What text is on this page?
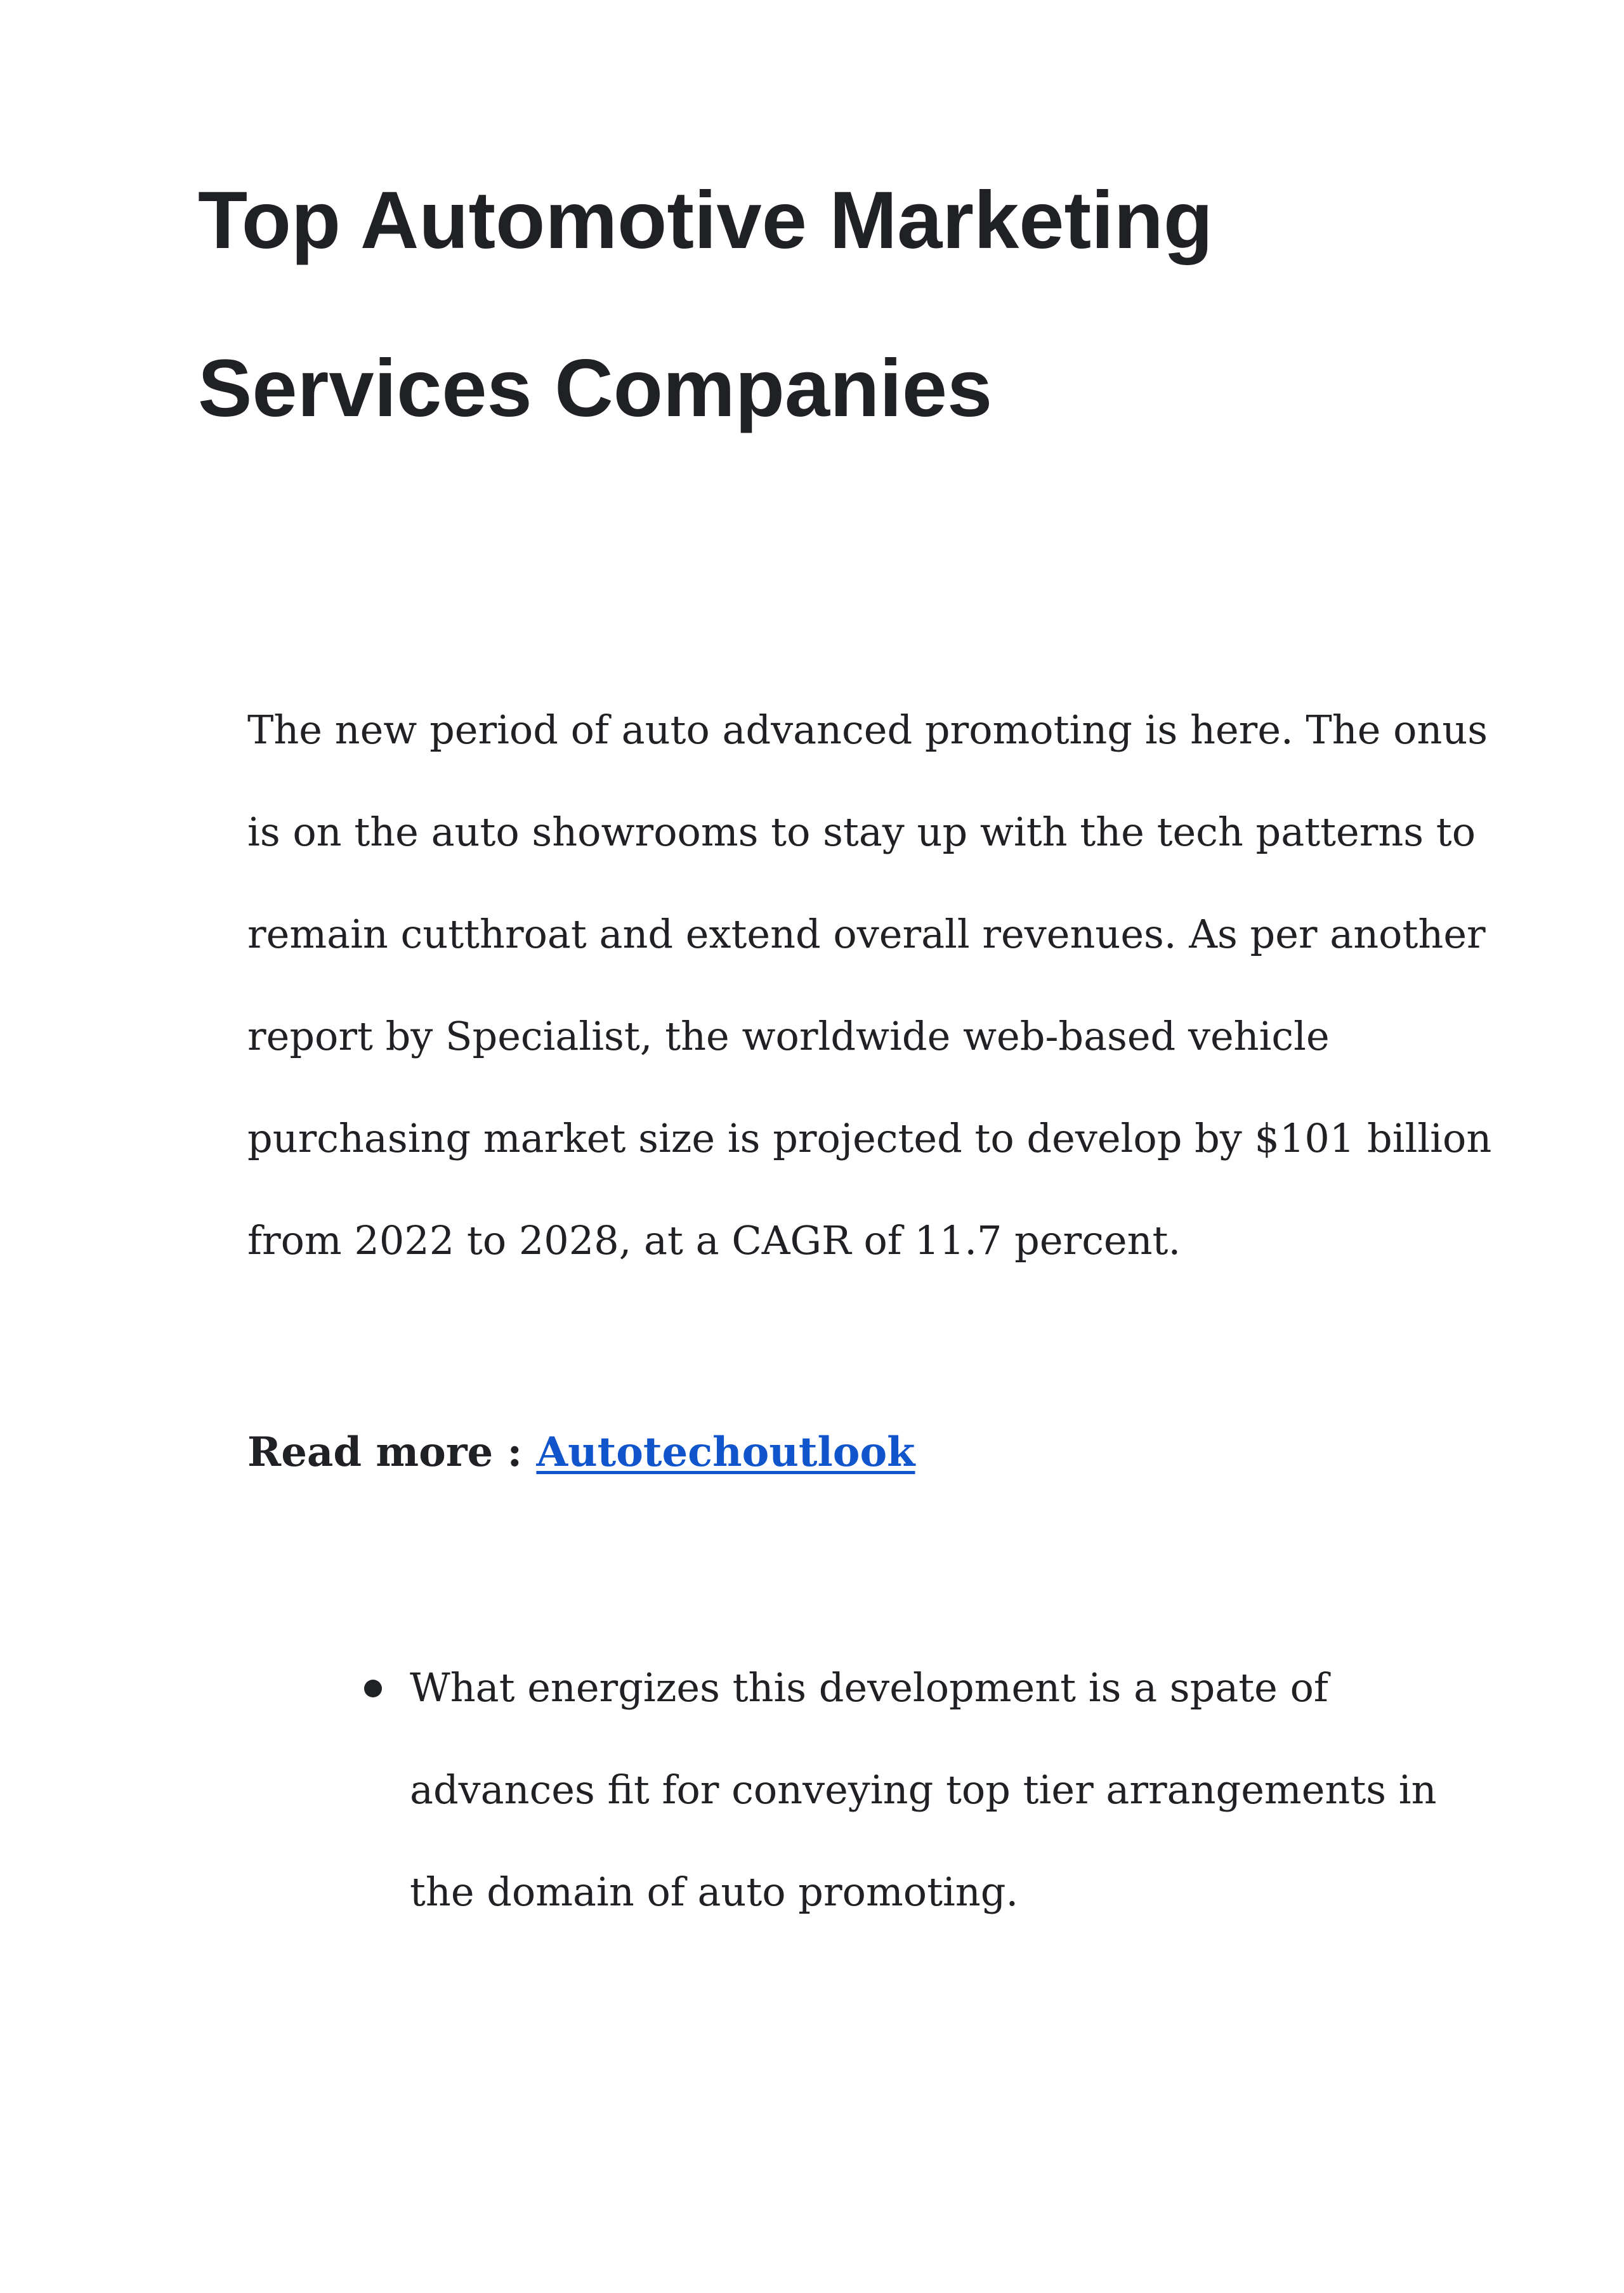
Top Automotive Marketing
Services Companies

The new period of auto advanced promoting is here. The onus
is on the auto showrooms to stay up with the tech patterns to
remain cutthroat and extend overall revenues. As per another
report by Specialist, the worldwide web-based vehicle
purchasing market size is projected to develop by $101 billion
from 2022 to 2028, at a CAGR of 11.7 percent.

Read more : Autotechoutlook

What energizes this development is a spate of
advances fit for conveying top tier arrangements in
the domain of auto promoting.
